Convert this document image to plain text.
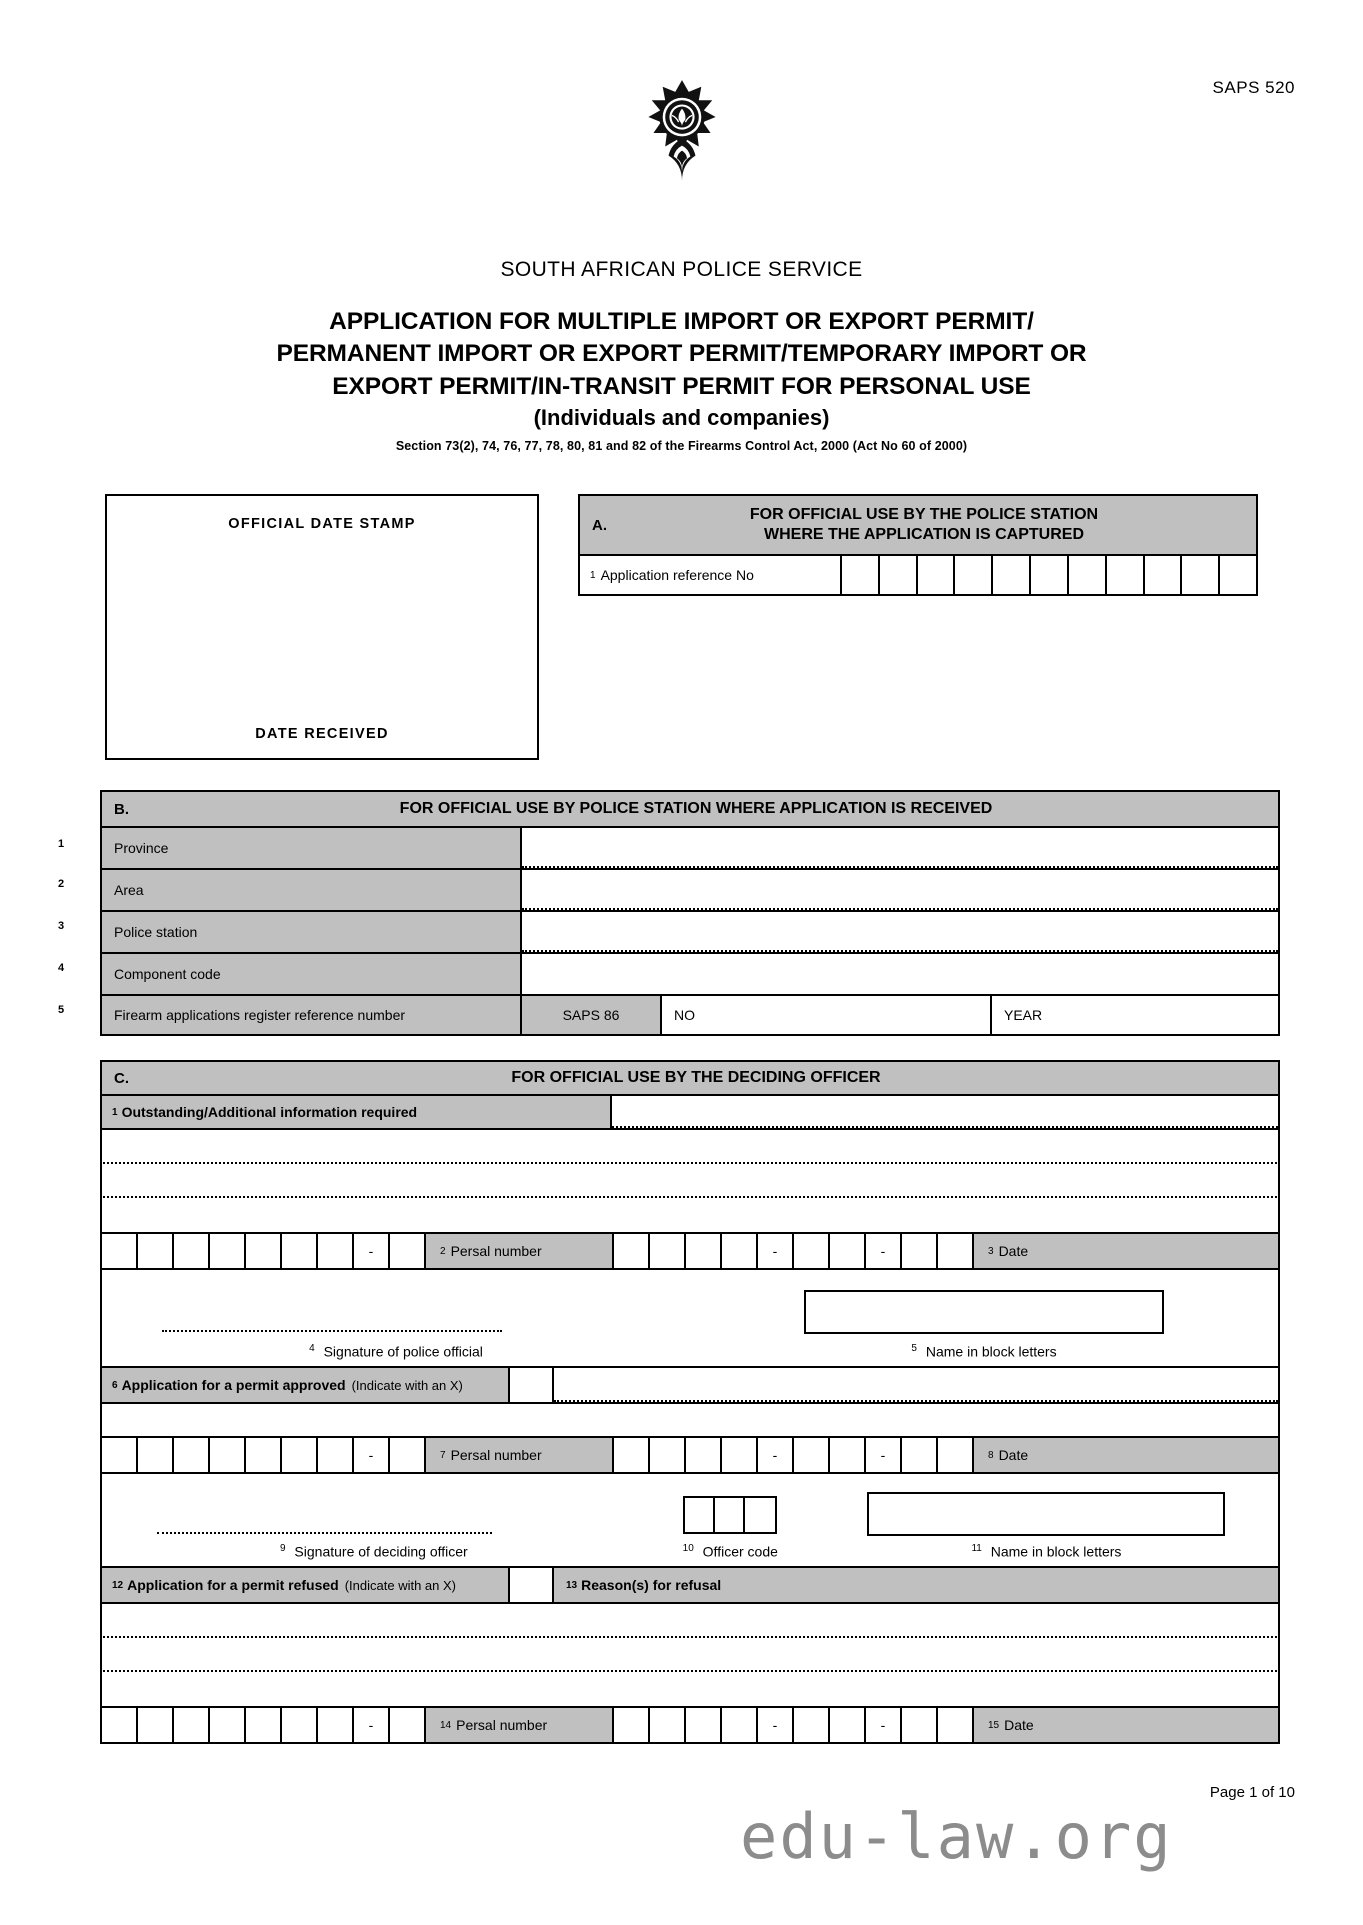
SAPS 520
SOUTH AFRICAN POLICE SERVICE
APPLICATION FOR MULTIPLE IMPORT OR EXPORT PERMIT/
PERMANENT IMPORT OR EXPORT PERMIT/TEMPORARY IMPORT OR
EXPORT PERMIT/IN-TRANSIT PERMIT FOR PERSONAL USE
(Individuals and companies)
Section 73(2), 74, 76, 77, 78, 80, 81 and 82 of the Firearms Control Act, 2000 (Act No 60 of 2000)
OFFICIAL DATE STAMP
DATE RECEIVED
A.
FOR OFFICIAL USE BY THE POLICE STATION
WHERE THE APPLICATION IS CAPTURED
1 Application reference No
B.	FOR OFFICIAL USE BY POLICE STATION WHERE APPLICATION IS RECEIVED
1	Province
2	Area
3	Police station
4	Component code
5	Firearm applications register reference number	SAPS 86	NO	YEAR
C.	FOR OFFICIAL USE BY THE DECIDING OFFICER
1 Outstanding/Additional information required
-	2 Persal number	-	-	3 Date
$^4$ Signature of police official	$^5$ Name in block letters
6 Application for a permit approved (Indicate with an X)
-	7 Persal number	-	-	8 Date
$^9$ Signature of deciding officer	$^{10}$ Officer code	$^{11}$ Name in block letters
12 Application for a permit refused (Indicate with an X)	13 Reason(s) for refusal
-	14 Persal number	-	-	15 Date
Page 1 of 10
edu-law.org
